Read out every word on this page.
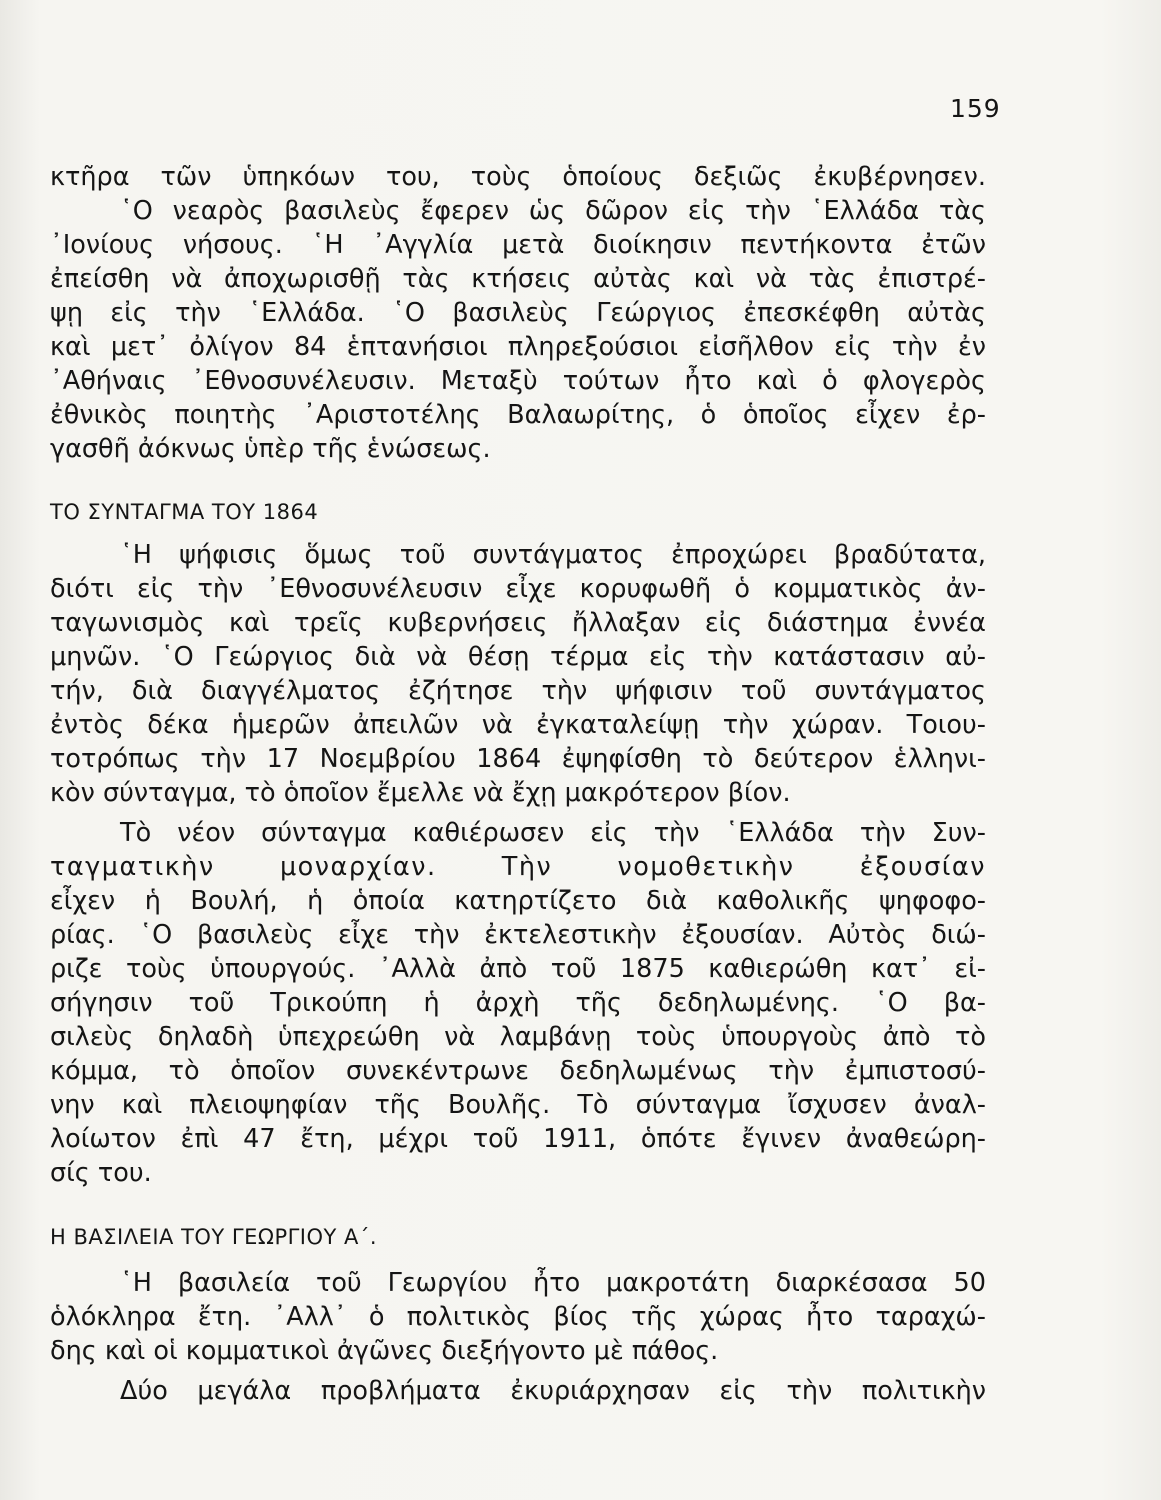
159
κτῆρα τῶν ὑπηκόων του, τοὺς ὁποίους δεξιῶς ἐκυβέρνησεν.
῾Ο νεαρὸς βασιλεὺς ἔφερεν ὡς δῶρον εἰς τὴν ῾Ελλάδα τὰς
᾿Ιονίους νήσους. ῾Η ᾿Αγγλία μετὰ διοίκησιν πεντήκοντα ἐτῶν
ἐπείσθη νὰ ἀποχωρισθῇ τὰς κτήσεις αὐτὰς καὶ νὰ τὰς ἐπιστρέ-
ψῃ εἰς τὴν ῾Ελλάδα. ῾Ο βασιλεὺς Γεώργιος ἐπεσκέφθη αὐτὰς
καὶ μετ᾿ ὀλίγον 84 ἑπτανήσιοι πληρεξούσιοι εἰσῆλθον εἰς τὴν ἐν
᾿Αθήναις ᾿Εθνοσυνέλευσιν. Μεταξὺ τούτων ἦτο καὶ ὁ φλογερὸς
ἐθνικὸς ποιητὴς ᾿Αριστοτέλης Βαλαωρίτης, ὁ ὁποῖος εἶχεν ἐρ-
γασθῆ ἀόκνως ὑπὲρ τῆς ἑνώσεως.
ΤΟ ΣΥΝΤΑΓΜΑ ΤΟΥ 1864
῾Η ψήφισις ὅμως τοῦ συντάγματος ἐπροχώρει βραδύτατα,
διότι εἰς τὴν ᾿Εθνοσυνέλευσιν εἶχε κορυφωθῆ ὁ κομματικὸς ἀν-
ταγωνισμὸς καὶ τρεῖς κυβερνήσεις ἤλλαξαν εἰς διάστημα ἐννέα
μηνῶν. ῾Ο Γεώργιος διὰ νὰ θέσῃ τέρμα εἰς τὴν κατάστασιν αὐ-
τήν, διὰ διαγγέλματος ἐζήτησε τὴν ψήφισιν τοῦ συντάγματος
ἐντὸς δέκα ἡμερῶν ἀπειλῶν νὰ ἐγκαταλείψῃ τὴν χώραν. Τοιου-
τοτρόπως τὴν 17 Νοεμβρίου 1864 ἐψηφίσθη τὸ δεύτερον ἑλληνι-
κὸν σύνταγμα, τὸ ὁποῖον ἔμελλε νὰ ἔχῃ μακρότερον βίον.
Τὸ νέον σύνταγμα καθιέρωσεν εἰς τὴν ῾Ελλάδα τὴν Συν-
ταγματικὴν μοναρχίαν. Τὴν νομοθετικὴν ἐξουσίαν
εἶχεν ἡ Βουλή, ἡ ὁποία κατηρτίζετο διὰ καθολικῆς ψηφοφο-
ρίας. ῾Ο βασιλεὺς εἶχε τὴν ἐκτελεστικὴν ἐξουσίαν. Αὐτὸς διώ-
ριζε τοὺς ὑπουργούς. ᾿Αλλὰ ἀπὸ τοῦ 1875 καθιερώθη κατ᾿ εἰ-
σήγησιν τοῦ Τρικούπη ἡ ἀρχὴ τῆς δεδηλωμένης. ῾Ο βα-
σιλεὺς δηλαδὴ ὑπεχρεώθη νὰ λαμβάνῃ τοὺς ὑπουργοὺς ἀπὸ τὸ
κόμμα, τὸ ὁποῖον συνεκέντρωνε δεδηλωμένως τὴν ἐμπιστοσύ-
νην καὶ πλειοψηφίαν τῆς Βουλῆς. Τὸ σύνταγμα ἴσχυσεν ἀναλ-
λοίωτον ἐπὶ 47 ἔτη, μέχρι τοῦ 1911, ὁπότε ἔγινεν ἀναθεώρη-
σίς του.
Η ΒΑΣΙΛΕΙΑ ΤΟΥ ΓΕΩΡΓΙΟΥ Α΄.
῾Η βασιλεία τοῦ Γεωργίου ἦτο μακροτάτη διαρκέσασα 50
ὁλόκληρα ἔτη. ᾿Αλλ᾿ ὁ πολιτικὸς βίος τῆς χώρας ἦτο ταραχώ-
δης καὶ οἱ κομματικοὶ ἀγῶνες διεξήγοντο μὲ πάθος.
Δύο μεγάλα προβλήματα ἐκυριάρχησαν εἰς τὴν πολιτικὴν
